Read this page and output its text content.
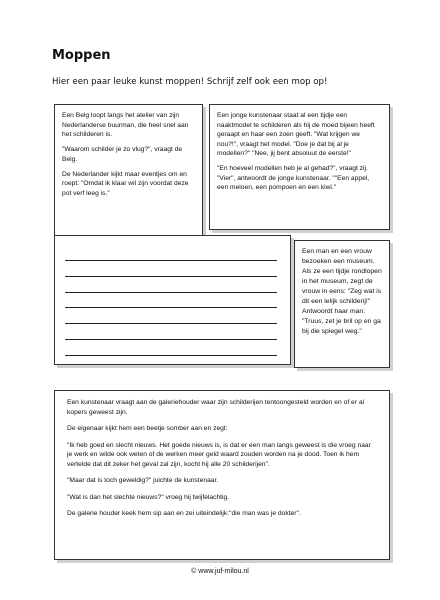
Moppen

Hier een paar leuke kunst moppen! Schrijf zelf ook een mop op!

Een Belg loopt langs het atelier van zijn Nederlanderse buurman, die heel snel aan het schilderen is.

"Waarom schilder je zo vlug?", vraagt de Belg.

De Nederlander kijkt maar eventjes om en roept: "Omdat ik klaar wil zijn voordat deze pot verf leeg is."

Een jonge kunstenaar staat al een tijdje een naaktmodel te schilderen als hij de moed bijeen heeft geraapt en haar een zoen geeft. "Wat krijgen we nou?!", vraagt het model. "Doe je dat bij al je modellen?" "Nee, jij bent absoluut de eerste!"

"En hoeveel modellen heb je al gehad?", vraagt zij. "Vier", antwoordt de jonge kunstenaar. ""Een appel, een meloen, een pompoen en een kiwi."

Een man en een vrouw bezoeken een museum. Als ze een tijdje rondlopen in het museum, zegt de vrouw in eens: "Zeg wat is dit een lelijk schilderij!" Antwoordt haar man: "Truus, zet je bril op en ga bij die spiegel weg."

Een kunstenaar vraagt aan de galeriehouder waar zijn schilderijen tentoongesteld worden en of er al kopers geweest zijn.

De eigenaar kijkt hem een beetje somber aan en zegt:

"Ik heb goed en slecht nieuws. Het goede nieuws is, is dat er een man langs geweest is die vroeg naar je werk en wilde ook weten of de werken meer geld waard zouden worden na je dood. Toen ik hem vertelde dat dit zeker het geval zal zijn, kocht hij alle 20 schilderijen".

"Maar dat is toch geweldig?" juichte de kunstenaar.

"Wat is dan het slechte nieuws?" vroeg hij twijfelachtig.

De galerie houder keek hem sip aan en zei uiteindelijk:"die man was je dokter".

© www.juf-milou.nl
